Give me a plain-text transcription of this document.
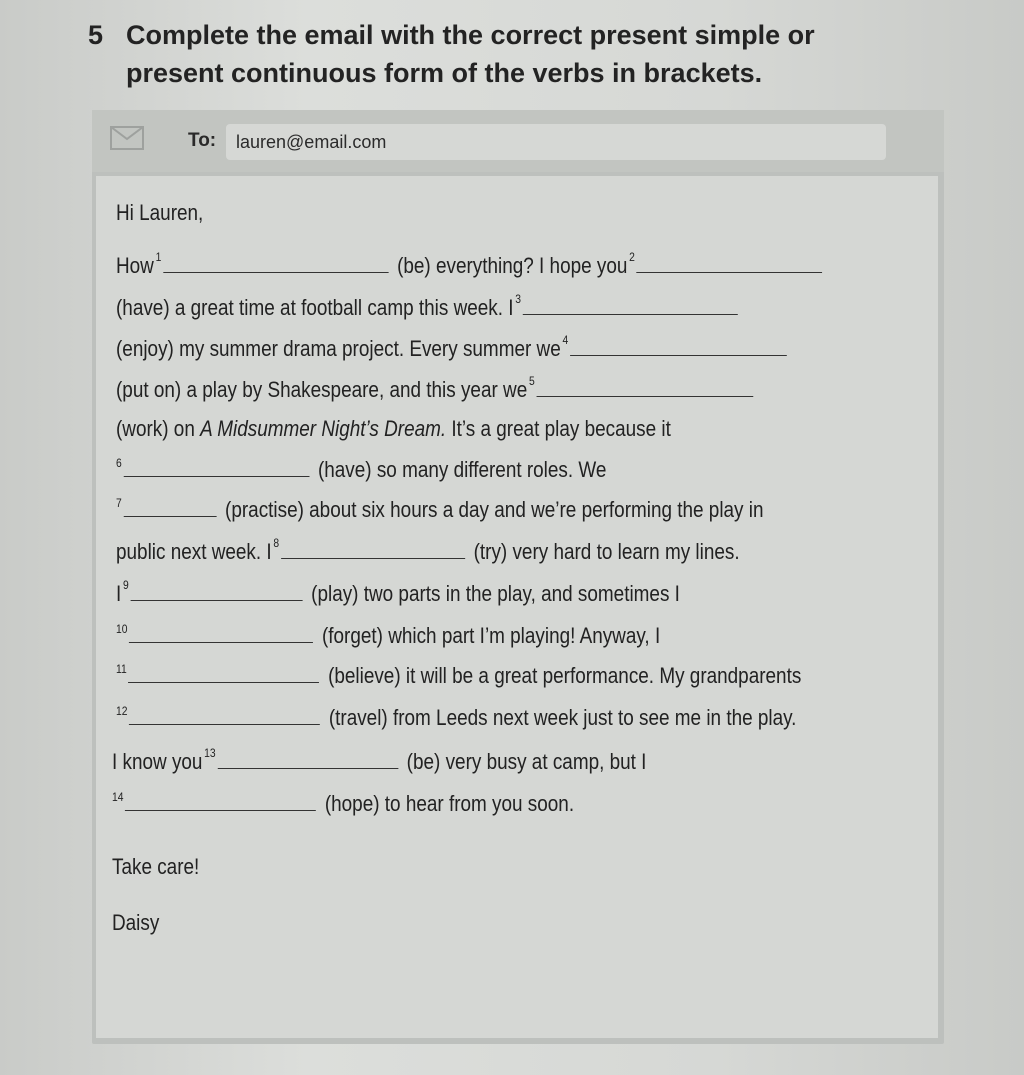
5 Complete the email with the correct present simple or
present continuous form of the verbs in brackets.
To: lauren@email.com
Hi Lauren,
How $^1$	(be) everything? I hope you $^2$
(have) a great time at football camp this week. I $^3$
(enjoy) my summer drama project. Every summer we $^4$
(put on) a play by Shakespeare, and this year we $^5$
(work) on A Midsummer Night’s Dream. It’s a great play because it
$^6$	(have) so many different roles. We
$^7$	(practise) about six hours a day and we’re performing the play in
public next week. I $^8$	(try) very hard to learn my lines.
I $^9$	(play) two parts in the play, and sometimes I
$^{10}$	(forget) which part I’m playing! Anyway, I
$^{11}$	(believe) it will be a great performance. My grandparents
$^{12}$	(travel) from Leeds next week just to see me in the play.
I know you $^{13}$	(be) very busy at camp, but I
$^{14}$	(hope) to hear from you soon.
Take care!
Daisy
